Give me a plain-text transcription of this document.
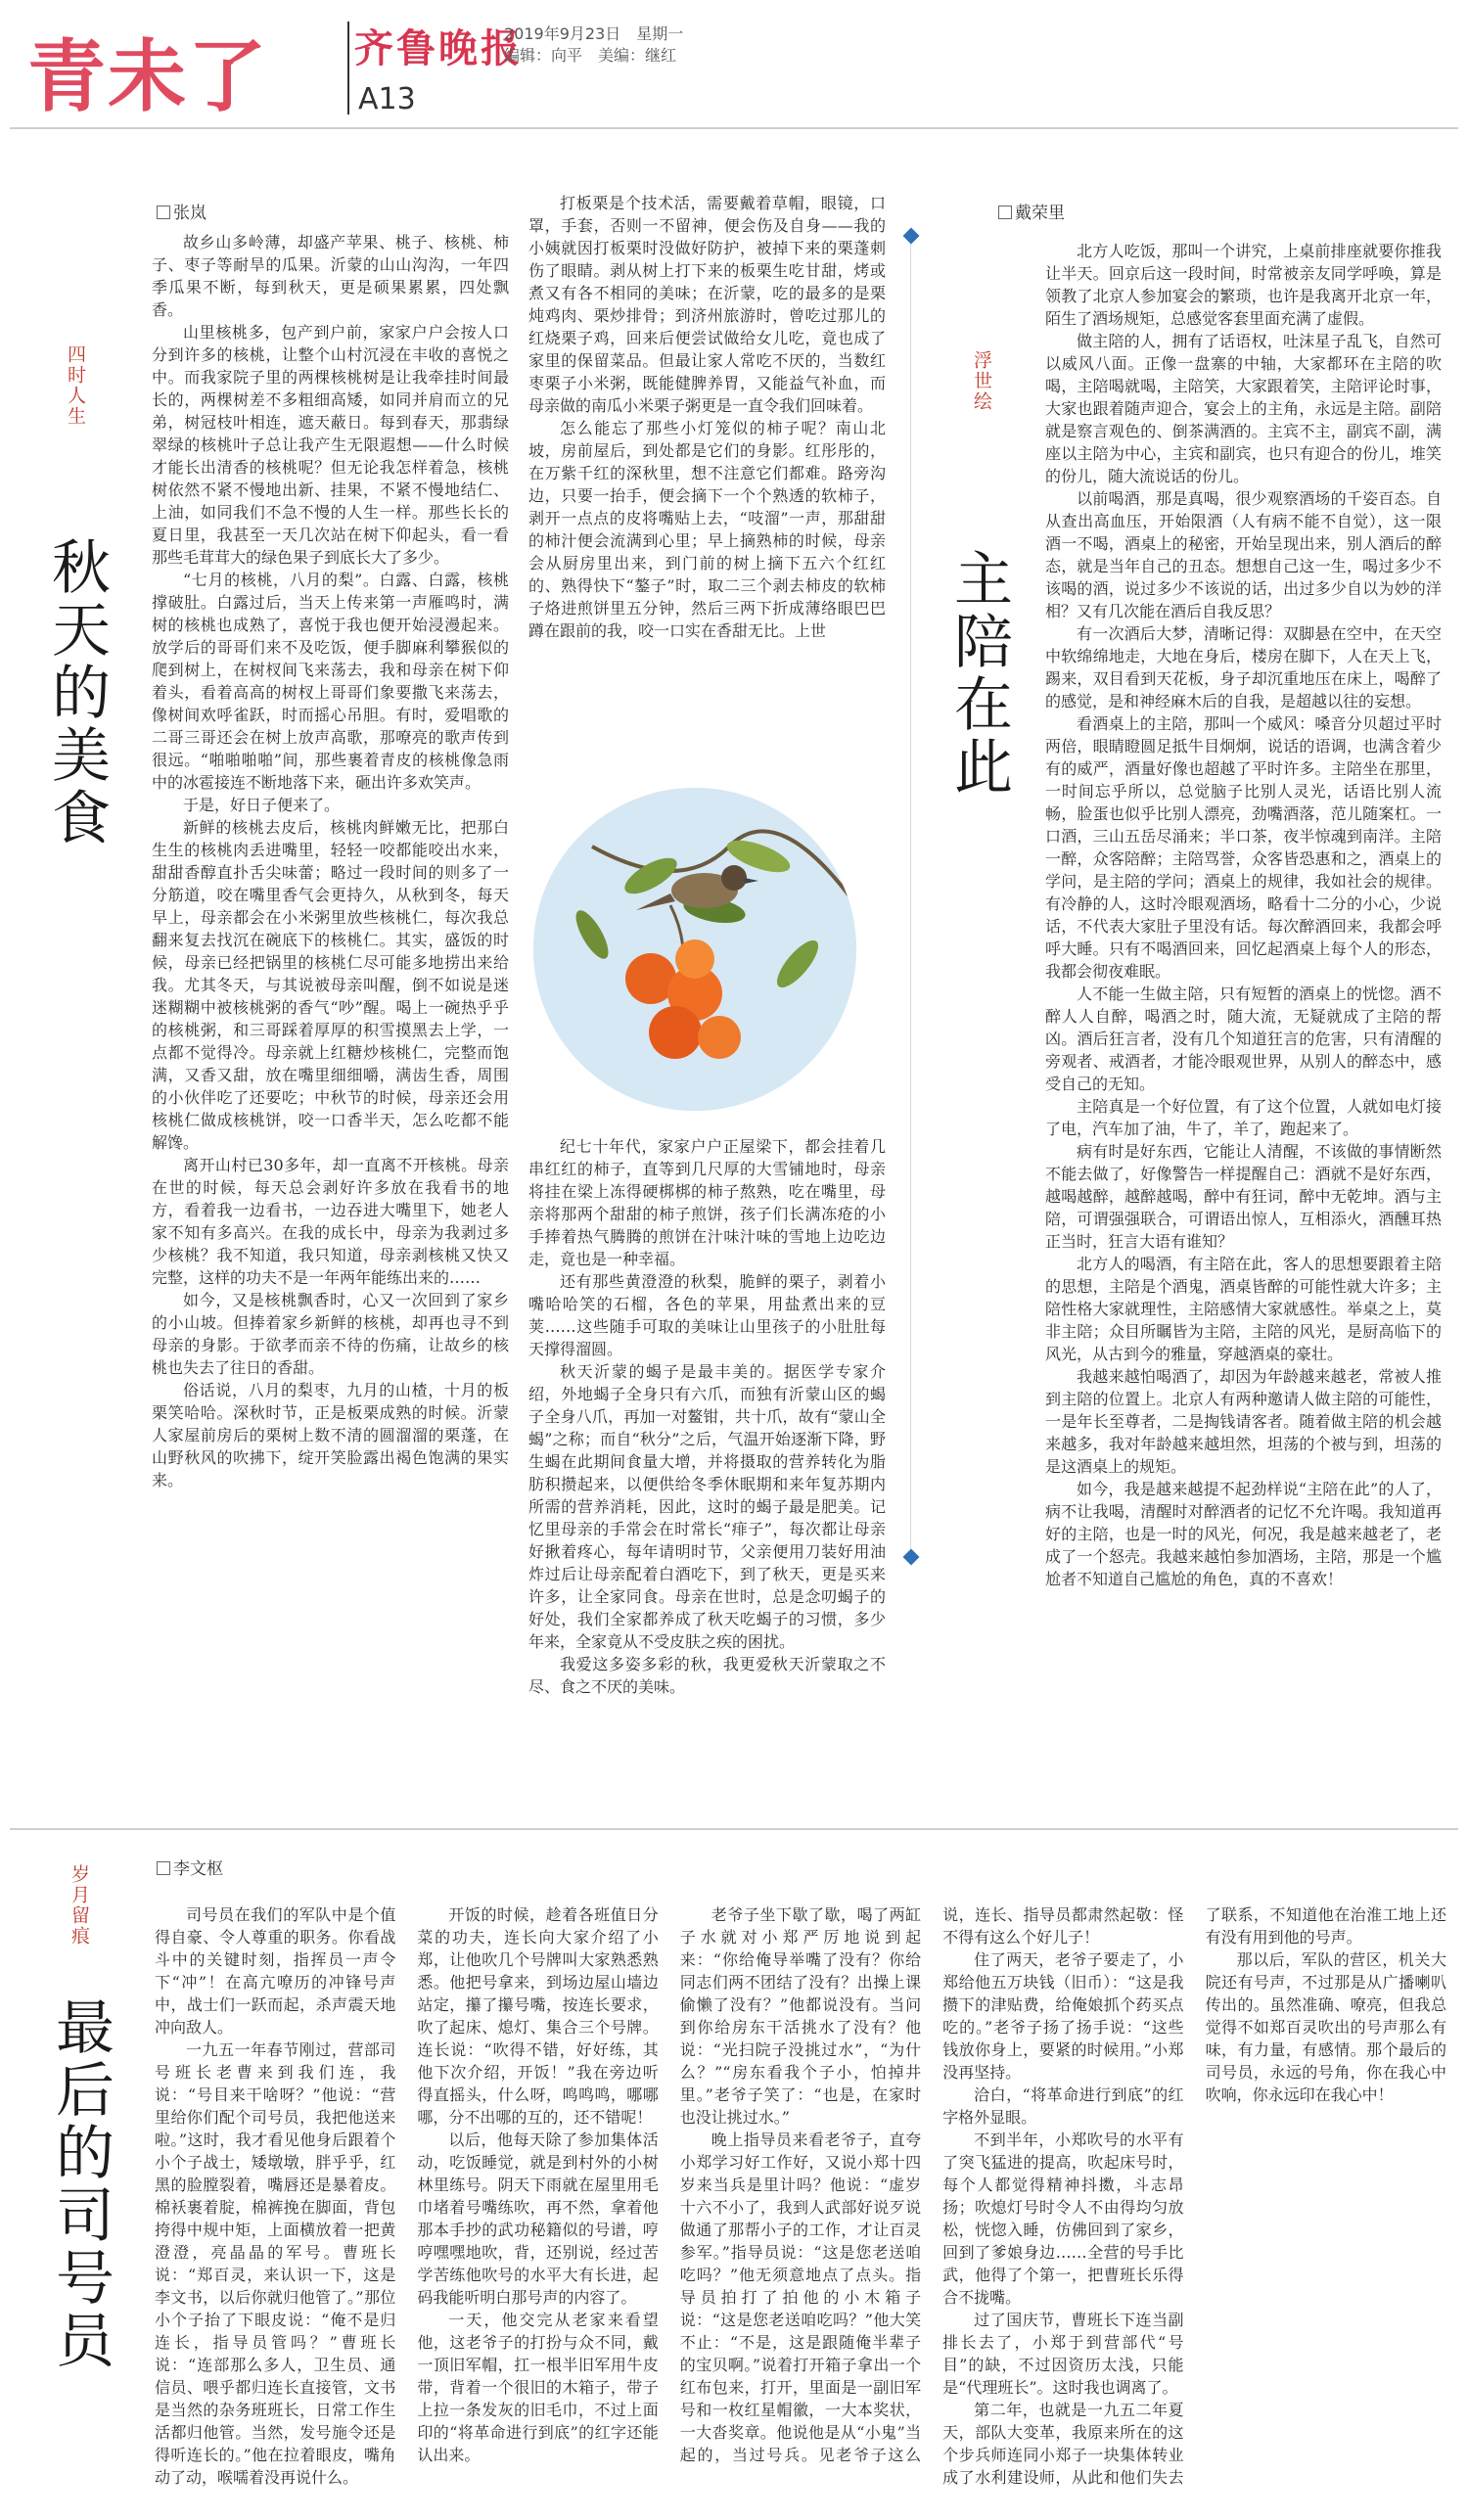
青未了 齐鲁晚报
A13
2019年9月23日　星期一
编辑：向平　美编：继红
张岚
四时人生
秋天的美食

故乡山多岭薄，却盛产苹果、桃子、核桃、柿子、枣子等耐旱的瓜果。沂蒙的山山沟沟，一年四季瓜果不断，每到秋天，更是硕果累累，四处飘香。

山里核桃多，包产到户前，家家户户会按人口分到许多的核桃，让整个山村沉浸在丰收的喜悦之中。而我家院子里的两棵核桃树是让我牵挂时间最长的，两棵树差不多粗细高矮，如同并肩而立的兄弟，树冠枝叶相连，遮天蔽日。每到春天，那翡绿翠绿的核桃叶子总让我产生无限遐想——什么时候才能长出清香的核桃呢？但无论我怎样着急，核桃树依然不紧不慢地出新、挂果，不紧不慢地结仁、上油，如同我们不急不慢的人生一样。那些长长的夏日里，我甚至一天几次站在树下仰起头，看一看那些毛茸茸大的绿色果子到底长大了多少。

“七月的核桃，八月的梨”。白露、白露，核桃撑破肚。白露过后，当天上传来第一声雁鸣时，满树的核桃也成熟了，喜悦于我也便开始浸漫起来。放学后的哥哥们来不及吃饭，便手脚麻利攀猴似的爬到树上，在树杈间飞来荡去，我和母亲在树下仰着头，看着高高的树杈上哥哥们象要撒飞来荡去，像树间欢呼雀跃，时而摇心吊胆。有时，爱唱歌的二哥三哥还会在树上放声高歌，那嘹亮的歌声传到很远。“啪啪啪啪”间，那些裹着青皮的核桃像急雨中的冰雹接连不断地落下来，砸出许多欢笑声。

于是，好日子便来了。

新鲜的核桃去皮后，核桃肉鲜嫩无比，把那白生生的核桃肉丢进嘴里，轻轻一咬都能咬出水来，甜甜香醇直扑舌尖味蕾；略过一段时间的则多了一分筋道，咬在嘴里香气会更持久，从秋到冬，每天早上，母亲都会在小米粥里放些核桃仁，每次我总翻来复去找沉在碗底下的核桃仁。其实，盛饭的时候，母亲已经把锅里的核桃仁尽可能多地捞出来给我。尤其冬天，与其说被母亲叫醒，倒不如说是迷迷糊糊中被核桃粥的香气“吵”醒。喝上一碗热乎乎的核桃粥，和三哥踩着厚厚的积雪摸黑去上学，一点都不觉得冷。母亲就上红糖炒核桃仁，完整而饱满，又香又甜，放在嘴里细细嚼，满齿生香，周围的小伙伴吃了还要吃；中秋节的时候，母亲还会用核桃仁做成核桃饼，咬一口香半天，怎么吃都不能解馋。

离开山村已30多年，却一直离不开核桃。母亲在世的时候，每天总会剥好许多放在我看书的地方，看着我一边看书，一边吞进大嘴里下，她老人家不知有多高兴。在我的成长中，母亲为我剥过多少核桃？我不知道，我只知道，母亲剥核桃又快又完整，这样的功夫不是一年两年能练出来的……

如今，又是核桃飘香时，心又一次回到了家乡的小山坡。但捧着家乡新鲜的核桃，却再也寻不到母亲的身影。于欲孝而亲不待的伤痛，让故乡的核桃也失去了往日的香甜。

俗话说，八月的梨枣，九月的山楂，十月的板栗笑哈哈。深秋时节，正是板栗成熟的时候。沂蒙人家屋前房后的栗树上数不清的圆溜溜的栗蓬，在山野秋风的吹拂下，绽开笑脸露出褐色饱满的果实来。

打板栗是个技术活，需要戴着草帽，眼镜，口罩，手套，否则一不留神，便会伤及自身——我的小姨就因打板栗时没做好防护，被掉下来的栗蓬刺伤了眼睛。剥从树上打下来的板栗生吃甘甜，烤或煮又有各不相同的美味；在沂蒙，吃的最多的是栗炖鸡肉、栗炒排骨；到济州旅游时，曾吃过那儿的红烧栗子鸡，回来后便尝试做给女儿吃，竟也成了家里的保留菜品。但最让家人常吃不厌的，当数红枣栗子小米粥，既能健脾养胃，又能益气补血，而母亲做的南瓜小米栗子粥更是一直令我们回味着。

怎么能忘了那些小灯笼似的柿子呢？南山北坡，房前屋后，到处都是它们的身影。红彤彤的，在万紫千红的深秋里，想不注意它们都难。路旁沟边，只要一抬手，便会摘下一个个熟透的软柿子，剥开一点点的皮将嘴贴上去，“吱溜”一声，那甜甜的柿汁便会流满到心里；早上摘熟柿的时候，母亲会从厨房里出来，到门前的树上摘下五六个红红的、熟得快下“鏊子”时，取二三个剥去柿皮的软柿子烙进煎饼里五分钟，然后三两下折成薄络眼巴巴蹲在跟前的我，咬一口实在香甜无比。上世

纪七十年代，家家户户正屋梁下，都会挂着几串红红的柿子，直等到几尺厚的大雪铺地时，母亲将挂在梁上冻得硬梆梆的柿子熬熟，吃在嘴里，母亲将那两个甜甜的柿子煎饼，孩子们长满冻疮的小手捧着热气腾腾的煎饼在汁味汁味的雪地上边吃边走，竟也是一种幸福。

还有那些黄澄澄的秋梨，脆鲜的栗子，剥着小嘴哈哈笑的石榴，各色的苹果，用盐煮出来的豆荚……这些随手可取的美味让山里孩子的小肚肚每天撑得溜圆。

秋天沂蒙的蝎子是最丰美的。据医学专家介绍，外地蝎子全身只有六爪，而独有沂蒙山区的蝎子全身八爪，再加一对鳌钳，共十爪，故有“蒙山全蝎”之称；而自“秋分”之后，气温开始逐渐下降，野生蝎在此期间食量大增，并将摄取的营养转化为脂肪积攒起来，以便供给冬季休眠期和来年复苏期内所需的营养消耗，因此，这时的蝎子最是肥美。记忆里母亲的手常会在时常长“痱子”，每次都让母亲好揪着疼心，每年请明时节，父亲便用刀装好用油炸过后让母亲配着白酒吃下，到了秋天，更是买来许多，让全家同食。母亲在世时，总是念叨蝎子的好处，我们全家都养成了秋天吃蝎子的习惯，多少年来，全家竟从不受皮肤之疾的困扰。

我爱这多姿多彩的秋，我更爱秋天沂蒙取之不尽、食之不厌的美味。

戴荣里
浮世绘
主陪在此

北方人吃饭，那叫一个讲究，上桌前排座就要你推我让半天。回京后这一段时间，时常被亲友同学呼唤，算是领教了北京人参加宴会的繁琐，也许是我离开北京一年，陌生了酒场规矩，总感觉客套里面充满了虚假。

做主陪的人，拥有了话语权，吐沫星子乱飞，自然可以威风八面。正像一盘寨的中轴，大家都环在主陪的吹喝，主陪喝就喝，主陪笑，大家跟着笑，主陪评论时事，大家也跟着随声迎合，宴会上的主角，永远是主陪。副陪就是察言观色的、倒茶满酒的。主宾不主，副宾不副，满座以主陪为中心，主宾和副宾，也只有迎合的份儿，堆笑的份儿，随大流说话的份儿。

以前喝酒，那是真喝，很少观察酒场的千姿百态。自从查出高血压，开始限酒（人有病不能不自觉），这一限酒一不喝，酒桌上的秘密，开始呈现出来，别人酒后的醉态，就是当年自己的丑态。想想自己这一生，喝过多少不该喝的酒，说过多少不该说的话，出过多少自以为妙的洋相？又有几次能在酒后自我反思？

有一次酒后大梦，清晰记得：双脚悬在空中，在天空中软绵绵地走，大地在身后，楼房在脚下，人在天上飞，踢来，双目看到天花板，身子却沉重地压在床上，喝醉了的感觉，是和神经麻木后的自我，是超越以往的妄想。

看酒桌上的主陪，那叫一个威风：嗓音分贝超过平时两倍，眼睛瞪圆足抵牛目炯炯，说话的语调，也满含着少有的威严，酒量好像也超越了平时许多。主陪坐在那里，一时间忘乎所以，总觉脑子比别人灵光，话语比别人流畅，脸蛋也似乎比别人漂亮，劲嘴酒落，范儿随案杠。一口酒，三山五岳尽涌来；半口茶，夜半惊魂到南洋。主陪一醉，众客陪醉；主陪骂誉，众客皆恐惠和之，酒桌上的学问，是主陪的学问；酒桌上的规律，我如社会的规律。有冷静的人，这时冷眼观酒场，略看十二分的小心，少说话，不代表大家肚子里没有话。每次醉酒回来，我都会呼呼大睡。只有不喝酒回来，回忆起酒桌上每个人的形态，我都会彻夜难眠。

人不能一生做主陪，只有短暂的酒桌上的恍惚。酒不醉人人自醉，喝酒之时，随大流，无疑就成了主陪的帮凶。酒后狂言者，没有几个知道狂言的危害，只有清醒的旁观者、戒酒者，才能冷眼观世界，从别人的醉态中，感受自己的无知。

主陪真是一个好位置，有了这个位置，人就如电灯接了电，汽车加了油，牛了，羊了，跑起来了。

病有时是好东西，它能让人清醒，不该做的事情断然不能去做了，好像警告一样提醒自己：酒就不是好东西，越喝越醉，越醉越喝，醉中有狂词，醉中无乾坤。酒与主陪，可谓强强联合，可谓语出惊人，互相添火，酒醺耳热正当时，狂言大语有谁知？

北方人的喝酒，有主陪在此，客人的思想要跟着主陪的思想，主陪是个酒鬼，酒桌皆醉的可能性就大许多；主陪性格大家就理性，主陪感情大家就感性。举桌之上，莫非主陪；众目所瞩皆为主陪，主陪的风光，是厨高临下的风光，从古到今的雅量，穿越酒桌的豪壮。

我越来越怕喝酒了，却因为年龄越来越老，常被人推到主陪的位置上。北京人有两种邀请人做主陪的可能性，一是年长至尊者，二是掏钱请客者。随着做主陪的机会越来越多，我对年龄越来越坦然，坦荡的个被与到，坦荡的是这酒桌上的规矩。

如今，我是越来越提不起劲样说“主陪在此”的人了，病不让我喝，清醒时对醉酒者的记忆不允许喝。我知道再好的主陪，也是一时的风光，何况，我是越来越老了，老成了一个怒壳。我越来越怕参加酒场，主陪，那是一个尴尬者不知道自己尴尬的角色，真的不喜欢！

李文枢
岁月留痕
最后的司号员

司号员在我们的军队中是个值得自豪、令人尊重的职务。你看战斗中的关键时刻，指挥员一声令下“冲”！在高亢嘹历的冲锋号声中，战士们一跃而起，杀声震天地冲向敌人。

一九五一年春节刚过，营部司号班长老曹来到我们连，我说：“号目来干啥呀？”他说：“营里给你们配个司号员，我把他送来啦。”这时，我才看见他身后跟着个小个子战士，矮墩墩，胖乎乎，红黑的脸膛裂着，嘴唇还是暴着皮。棉袄裹着腚，棉裤挽在脚面，背包挎得中规中矩，上面横放着一把黄澄澄，亮晶晶的军号。曹班长说：“郑百灵，来认识一下，这是李文书，以后你就归他管了。”那位小个子抬了下眼皮说：“俺不是归连长，指导员管吗？”曹班长说：“连部那么多人，卫生员、通信员、喂乎都归连长直接管，文书是当然的杂务班班长，日常工作生活都归他管。当然，发号施令还是得听连长的。”他在拉着眼皮，嘴角动了动，喉嚅着没再说什么。

开饭的时候，趁着各班值日分菜的功夫，连长向大家介绍了小郑，让他吹几个号牌叫大家熟悉熟悉。他把号拿来，到场边屋山墙边站定，攥了攥号嘴，按连长要求，吹了起床、熄灯、集合三个号牌。连长说：“吹得不错，好好练，其他下次介绍，开饭！”我在旁边听得直摇头，什么呀，鸣鸣鸣，哪哪哪，分不出哪的互的，还不错呢！

以后，他每天除了参加集体活动，吃饭睡觉，就是到村外的小树林里练号。阴天下雨就在屋里用毛巾堵着号嘴练吹，再不然，拿着他那本手抄的武功秘籍似的号谱，哼哼嘿嘿地吹，背，还别说，经过苦学苦练他吹号的水平大有长进，起码我能听明白那号声的内容了。

一天，他交完从老家来看望他，这老爷子的打扮与众不同，戴一顶旧军帽，扛一根半旧军用牛皮带，背着一个很旧的木箱子，带子上拉一条发灰的旧毛巾，不过上面印的“将革命进行到底”的红字还能认出来。

老爷子坐下歇了歇，喝了两缸子水就对小郑严厉地说到起来：“你给俺导举嘴了没有？你给同志们两不团结了没有？出操上课偷懒了没有？”他都说没有。当问到你给房东干活挑水了没有？他说：“光扫院子没挑过水”，“为什么？”“房东看我个子小，怕掉井里。”老爷子笑了：“也是，在家时也没让挑过水。”

晚上指导员来看老爷子，直夸小郑学习好工作好，又说小郑十四岁来当兵是里计吗？他说：“虚岁十六不小了，我到人武部好说歹说做通了那帮小子的工作，才让百灵参军。”指导员说：“这是您老送咱吃吗？”他无须意地点了点头。指导员拍打了拍他的小木箱子说：“这是您老送咱吃吗？”他大笑不止：“不是，这是跟随俺半辈子的宝贝啊。”说着打开箱子拿出一个红布包来，打开，里面是一副旧军号和一枚红星帽徽，一大本奖状，一大沓奖章。他说他是从“小鬼”当起的，当过号兵。见老爷子这么说，连长、指导员都肃然起敬：怪不得有这么个好儿子！

住了两天，老爷子要走了，小郑给他五万块钱（旧币）：“这是我攒下的津贴费，给俺娘抓个药买点吃的。”老爷子扬了扬手说：“这些钱放你身上，要紧的时候用。”小郑没再坚持。

洽白，“将革命进行到底”的红字格外显眼。

不到半年，小郑吹号的水平有了突飞猛进的提高，吹起床号时，每个人都觉得精神抖擞，斗志昂扬；吹熄灯号时令人不由得均匀放松，恍惚入睡，仿佛回到了家乡，回到了爹娘身边……全营的号手比武，他得了个第一，把曹班长乐得合不拢嘴。

过了国庆节，曹班长下连当副排长去了，小郑于到营部代“号目”的缺，不过因资历太浅，只能是“代理班长”。这时我也调离了。

第二年，也就是一九五二年夏天，部队大变革，我原来所在的这个步兵师连同小郑子一块集体转业成了水利建设师，从此和他们失去了联系，不知道他在治淮工地上还有没有用到他的号声。

那以后，军队的营区，机关大院还有号声，不过那是从广播喇叭传出的。虽然准确、嘹亮，但我总觉得不如郑百灵吹出的号声那么有味，有力量，有感情。那个最后的司号员，永远的号角，你在我心中吹响，你永远印在我心中！
